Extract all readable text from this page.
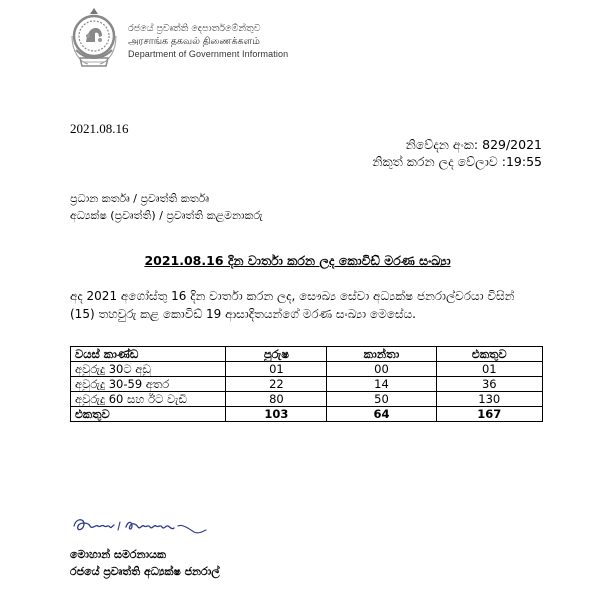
රජයේ ප්‍රවෘත්ති දෙපාර්තමේන්තුව
அரசாங்க தகவல் திணைக்களம்
Department of Government Information
2021.08.16
නිවේදන අංක: 829/2021
නිකුත් කරන ලද වේලාව :19:55
ප්‍රධාන කර්තෘ / ප්‍රවෘත්ති කර්තෘ
අධ්‍යක්ෂ (ප්‍රවෘත්ති) / ප්‍රවෘත්ති කළමනාකරු
2021.08.16 දින වාර්තා කරන ලද කොවිඩ් මරණ සංඛ්‍යා
අද 2021 අගෝස්තු 16 දින වාර්තා කරන ලද, සෞඛ්‍ය සේවා අධ්‍යක්ෂ ජනරාල්වරයා විසින් (15) තහවුරු කළ කොවිඩ් 19 ආසාදිතයන්ගේ මරණ සංඛ්‍යා මෙසේය.
වයස් කාණ්ඩ	පුරුෂ	කාන්තා	එකතුව
අවුරුදු 30ට අඩු	01	00	01
අවුරුදු 30-59 අතර	22	14	36
අවුරුදු 60 සහ ඊට වැඩි	80	50	130
එකතුව	103	64	167
මොහාන් සමරනායක
රජයේ ප්‍රවෘත්ති අධ්‍යක්ෂ ජනරාල්
